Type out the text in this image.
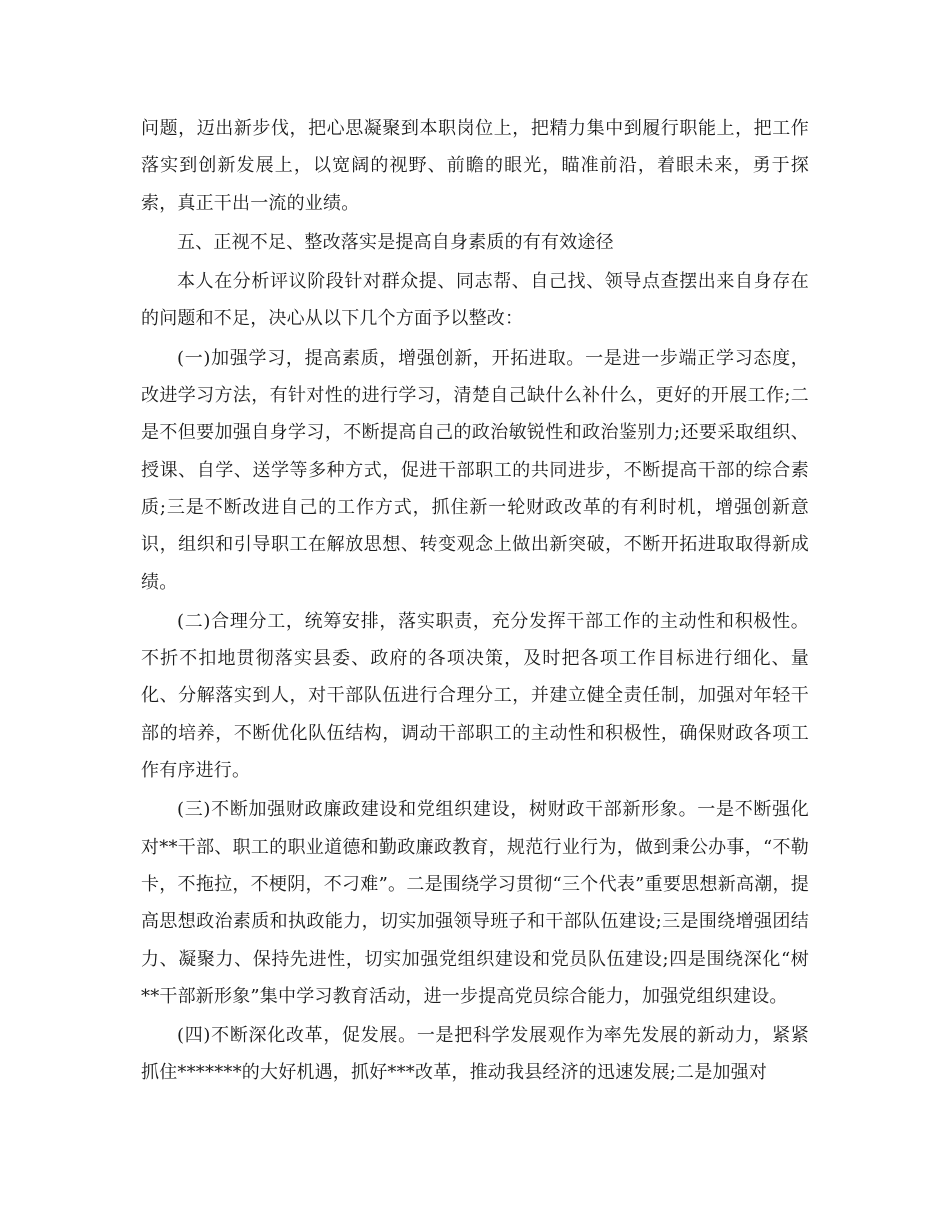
问题，迈出新步伐，把心思凝聚到本职岗位上，把精力集中到履行职能上，把工作落实到创新发展上，以宽阔的视野、前瞻的眼光，瞄准前沿，着眼未来，勇于探索，真正干出一流的业绩。

五、正视不足、整改落实是提高自身素质的有有效途径

本人在分析评议阶段针对群众提、同志帮、自己找、领导点查摆出来自身存在的问题和不足，决心从以下几个方面予以整改：

(一)加强学习，提高素质，增强创新，开拓进取。一是进一步端正学习态度，改进学习方法，有针对性的进行学习，清楚自己缺什么补什么，更好的开展工作;二是不但要加强自身学习，不断提高自己的政治敏锐性和政治鉴别力;还要采取组织、授课、自学、送学等多种方式，促进干部职工的共同进步，不断提高干部的综合素质;三是不断改进自己的工作方式，抓住新一轮财政改革的有利时机，增强创新意识，组织和引导职工在解放思想、转变观念上做出新突破，不断开拓进取取得新成绩。

(二)合理分工，统筹安排，落实职责，充分发挥干部工作的主动性和积极性。不折不扣地贯彻落实县委、政府的各项决策，及时把各项工作目标进行细化、量化、分解落实到人，对干部队伍进行合理分工，并建立健全责任制，加强对年轻干部的培养，不断优化队伍结构，调动干部职工的主动性和积极性，确保财政各项工作有序进行。

(三)不断加强财政廉政建设和党组织建设，树财政干部新形象。一是不断强化对**干部、职工的职业道德和勤政廉政教育，规范行业行为，做到秉公办事，“不勒卡，不拖拉，不梗阴，不刁难”。二是围绕学习贯彻“三个代表”重要思想新高潮，提高思想政治素质和执政能力，切实加强领导班子和干部队伍建设;三是围绕增强团结力、凝聚力、保持先进性，切实加强党组织建设和党员队伍建设;四是围绕深化“树**干部新形象”集中学习教育活动，进一步提高党员综合能力，加强党组织建设。

(四)不断深化改革，促发展。一是把科学发展观作为率先发展的新动力，紧紧抓住*******的大好机遇，抓好***改革，推动我县经济的迅速发展;二是加强对
